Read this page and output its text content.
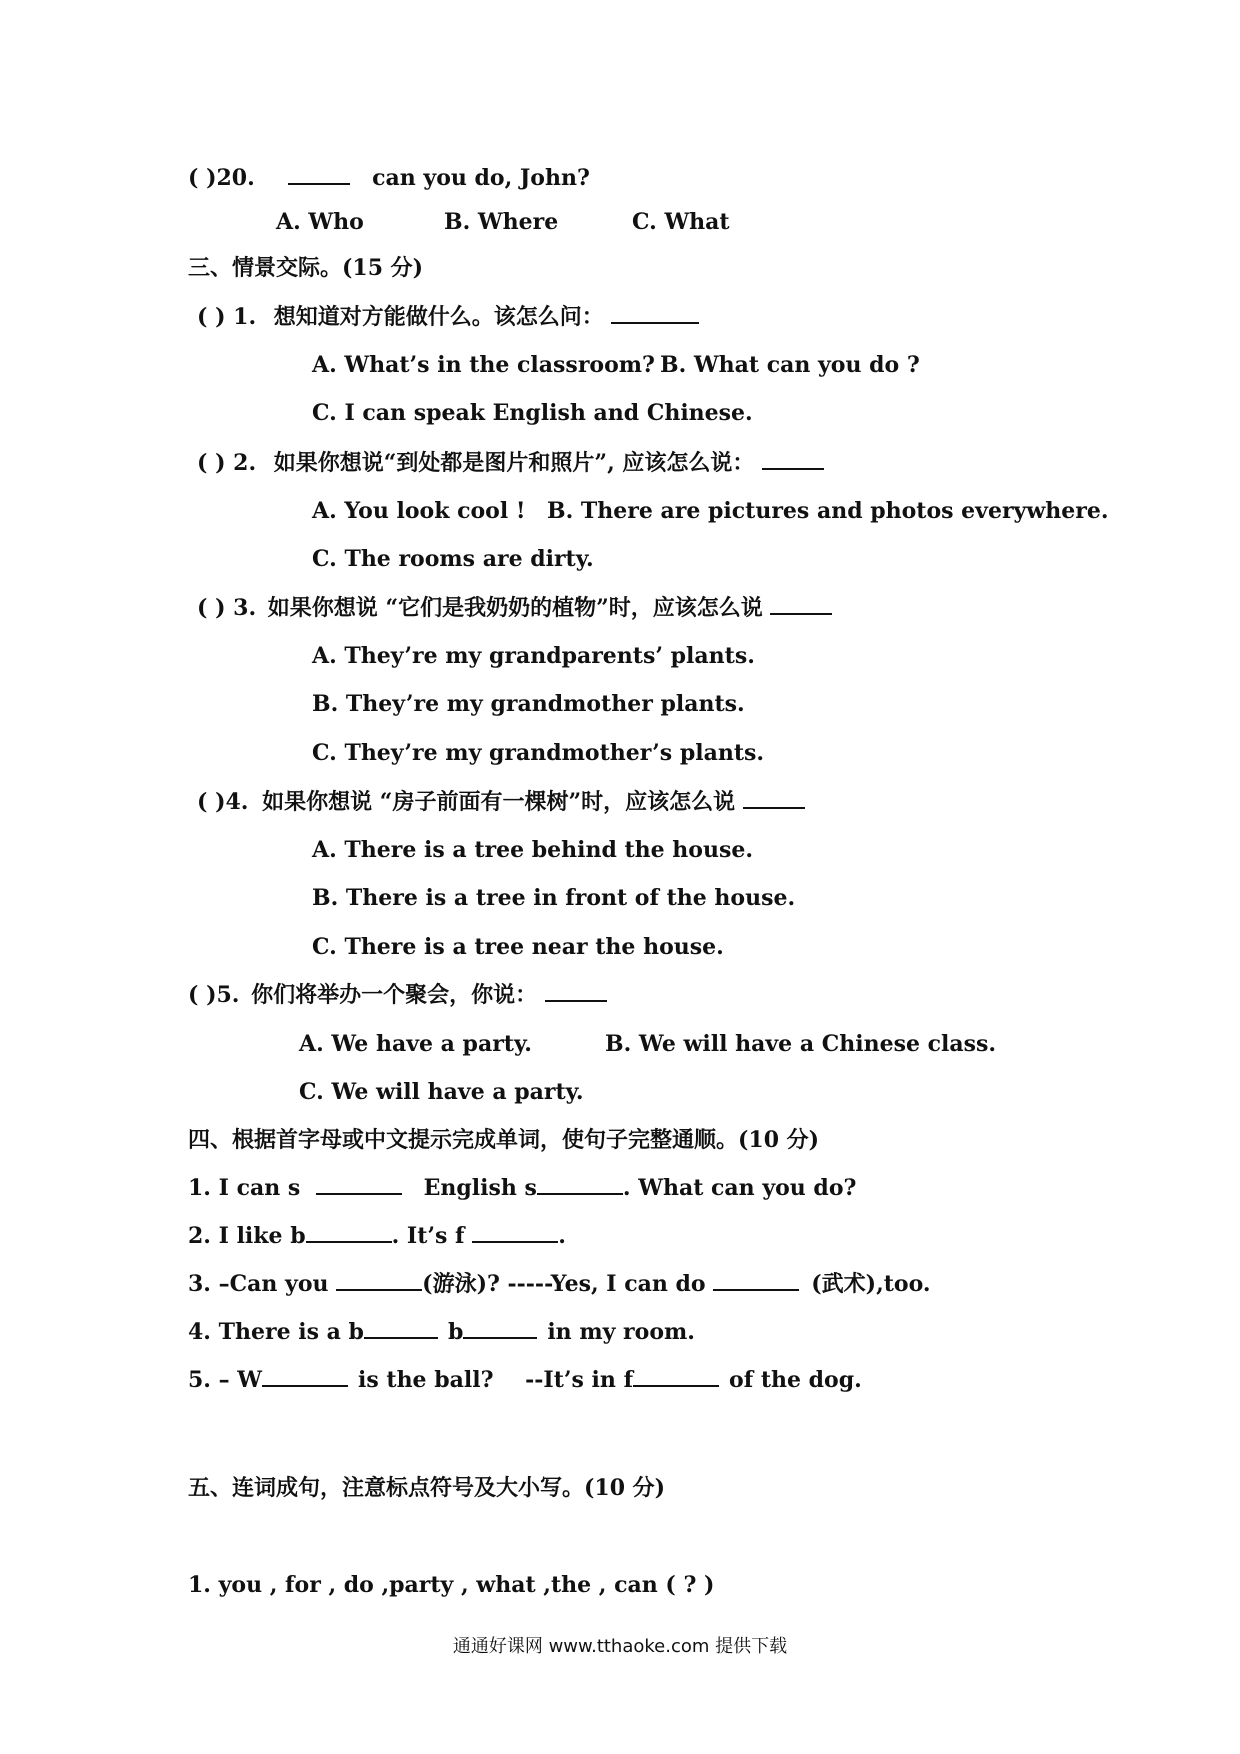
( )20.	can you do, John?
A. Who	B. Where	C. What
三、情景交际。(15 分)
( ) 1. 想知道对方能做什么。该怎么问：
A. What’s in the classroom? B. What can you do ?
C. I can speak English and Chinese.
( ) 2. 如果你想说“到处都是图片和照片”, 应该怎么说：
A. You look cool ! B. There are pictures and photos everywhere.
C. The rooms are dirty.
( ) 3. 如果你想说 “它们是我奶奶的植物”时，应该怎么说
A. They’re my grandparents’ plants.
B. They’re my grandmother plants.
C. They’re my grandmother’s plants.
( )4. 如果你想说 “房子前面有一棵树”时，应该怎么说
A. There is a tree behind the house.
B. There is a tree in front of the house.
C. There is a tree near the house.
( )5. 你们将举办一个聚会，你说：
A. We have a party.	B. We will have a Chinese class.
C. We will have a party.
四、根据首字母或中文提示完成单词，使句子完整通顺。(10 分)
1. I can s	English s	. What can you do?
2. I like b	. It’s f	.
3. –Can you	(游泳)? -----Yes, I can do	(武术),too.
4. There is a b	b	in my room.
5. – W	is the ball? --It’s in f	of the dog.
五、连词成句，注意标点符号及大小写。(10 分)
1. you , for , do ,party , what ,the , can ( ? )
通通好课网 www.tthaoke.com 提供下载
